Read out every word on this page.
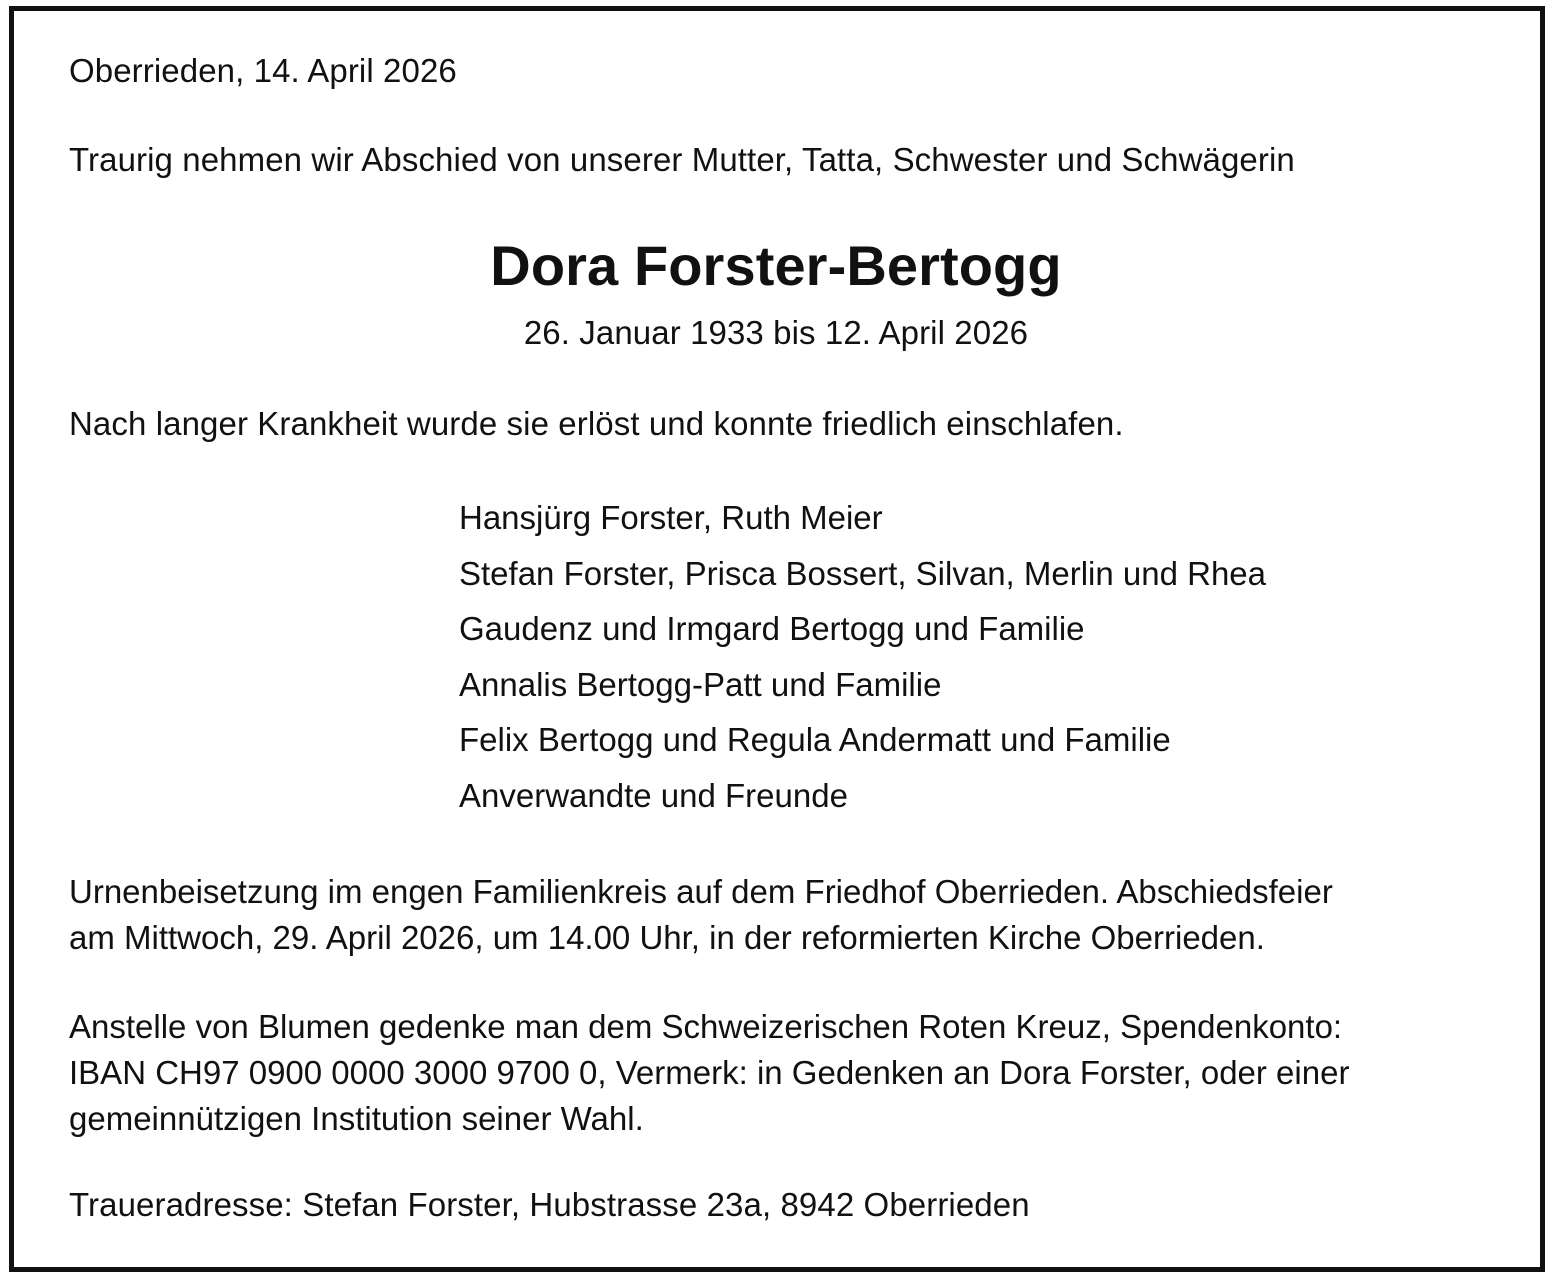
Oberrieden, 14. April 2026

Traurig nehmen wir Abschied von unserer Mutter, Tatta, Schwester und Schwägerin

Dora Forster-Bertogg

26. Januar 1933 bis 12. April 2026

Nach langer Krankheit wurde sie erlöst und konnte friedlich einschlafen.

Hansjürg Forster, Ruth Meier
Stefan Forster, Prisca Bossert, Silvan, Merlin und Rhea
Gaudenz und Irmgard Bertogg und Familie
Annalis Bertogg-Patt und Familie
Felix Bertogg und Regula Andermatt und Familie
Anverwandte und Freunde

Urnenbeisetzung im engen Familienkreis auf dem Friedhof Oberrieden. Abschiedsfeier
am Mittwoch, 29. April 2026, um 14.00 Uhr, in der reformierten Kirche Oberrieden.

Anstelle von Blumen gedenke man dem Schweizerischen Roten Kreuz, Spendenkonto:
IBAN CH97 0900 0000 3000 9700 0, Vermerk: in Gedenken an Dora Forster, oder einer
gemeinnützigen Institution seiner Wahl.

Traueradresse: Stefan Forster, Hubstrasse 23a, 8942 Oberrieden
